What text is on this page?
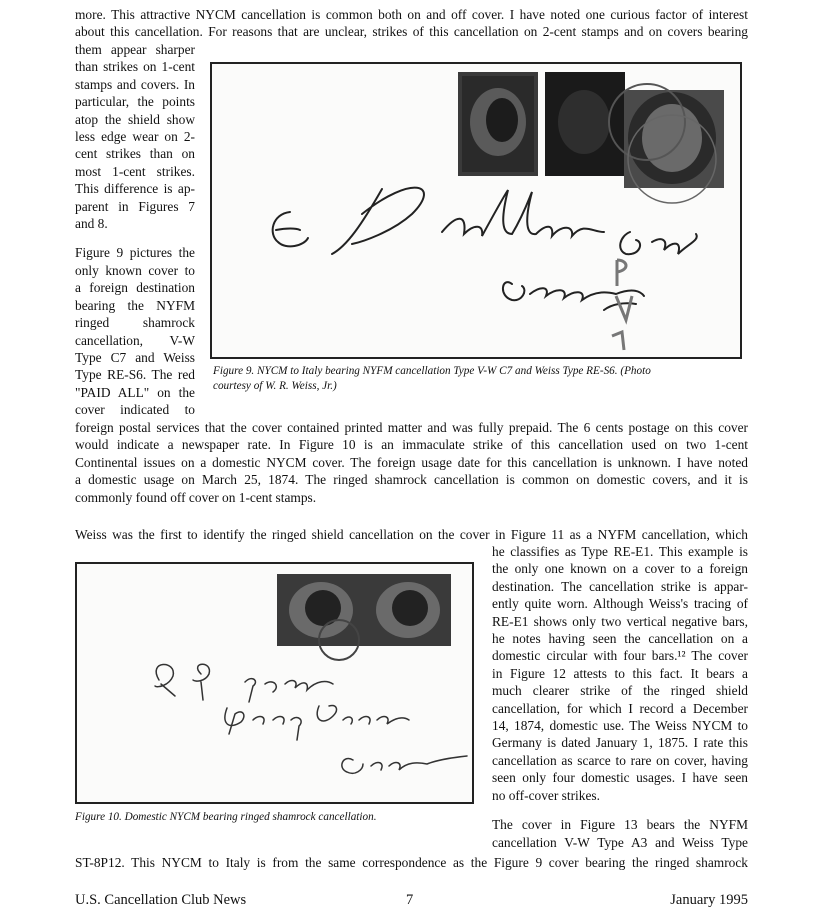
more. This attractive NYCM cancellation is common both on and off cover. I have noted one curious factor of interest
about this cancellation. For reasons that are unclear, strikes of this cancellation on 2-cent stamps and on covers bearing
them appear sharper
than strikes on 1-cent
stamps and covers. In
particular, the points
atop the shield show
less edge wear on 2-
cent strikes than on
most 1-cent strikes.
This difference is ap-
parent in Figures 7
and 8.
Figure 9 pictures the
only known cover to
a foreign destination
bearing the NYFM
ringed shamrock
cancellation, V-W
Type C7 and Weiss
Type RE-S6. The red
"PAID ALL" on the
cover indicated to
Figure 9. NYCM to Italy bearing NYFM cancellation Type V-W C7 and Weiss Type RE-S6. (Photo
courtesy of W. R. Weiss, Jr.)
foreign postal services that the cover contained printed matter and was fully prepaid. The 6 cents postage on this cover
would indicate a newspaper rate. In Figure 10 is an immaculate strike of this cancellation used on two 1-cent
Continental issues on a domestic NYCM cover. The foreign usage date for this cancellation is unknown. I have noted
a domestic usage on March 25, 1874. The ringed shamrock cancellation is common on domestic covers, and it is
commonly found off cover on 1-cent stamps.
Weiss was the first to identify the ringed shield cancellation on the cover in Figure 11 as a NYFM cancellation, which
he classifies as Type RE-E1. This example is
the only one known on a cover to a foreign
destination. The cancellation strike is appar-
ently quite worn. Although Weiss's tracing of
RE-E1 shows only two vertical negative bars,
he notes having seen the cancellation on a
domestic circular with four bars.¹² The cover
in Figure 12 attests to this fact. It bears a
much clearer strike of the ringed shield
cancellation, for which I record a December
14, 1874, domestic use. The Weiss NYCM to
Germany is dated January 1, 1875. I rate this
cancellation as scarce to rare on cover, having
seen only four domestic usages. I have seen
no off-cover strikes.
The cover in Figure 13 bears the NYFM
cancellation V-W Type A3 and Weiss Type
Figure 10. Domestic NYCM bearing ringed shamrock cancellation.
ST-8P12. This NYCM to Italy is from the same correspondence as the Figure 9 cover bearing the ringed shamrock
U.S. Cancellation Club News	7	January 1995
